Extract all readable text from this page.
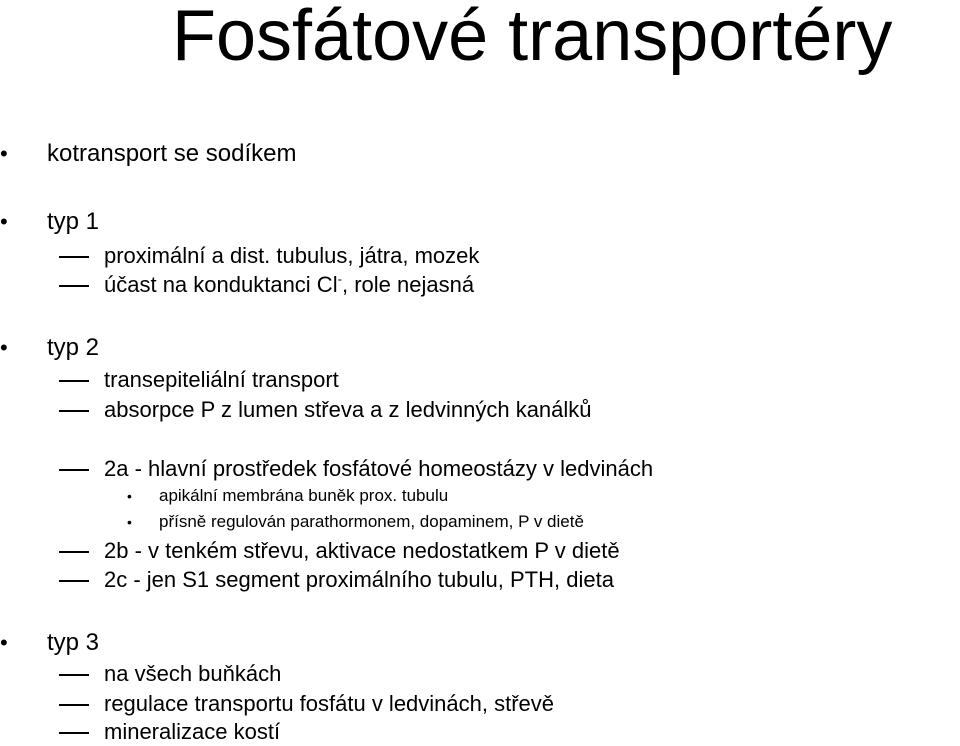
Fosfátové transportéry
• kotransport se sodíkem
• typ 1
proximální a dist. tubulus, játra, mozek
účast na konduktanci Cl-, role nejasná
• typ 2
transepiteliální transport
absorpce P z lumen střeva a z ledvinných kanálků
2a - hlavní prostředek fosfátové homeostázy v ledvinách
• apikální membrána buněk prox. tubulu
• přísně regulován parathormonem, dopaminem, P v dietě
2b - v tenkém střevu, aktivace nedostatkem P v dietě
2c - jen S1 segment proximálního tubulu, PTH, dieta
• typ 3
na všech buňkách
regulace transportu fosfátu v ledvinách, střevě
mineralizace kostí
